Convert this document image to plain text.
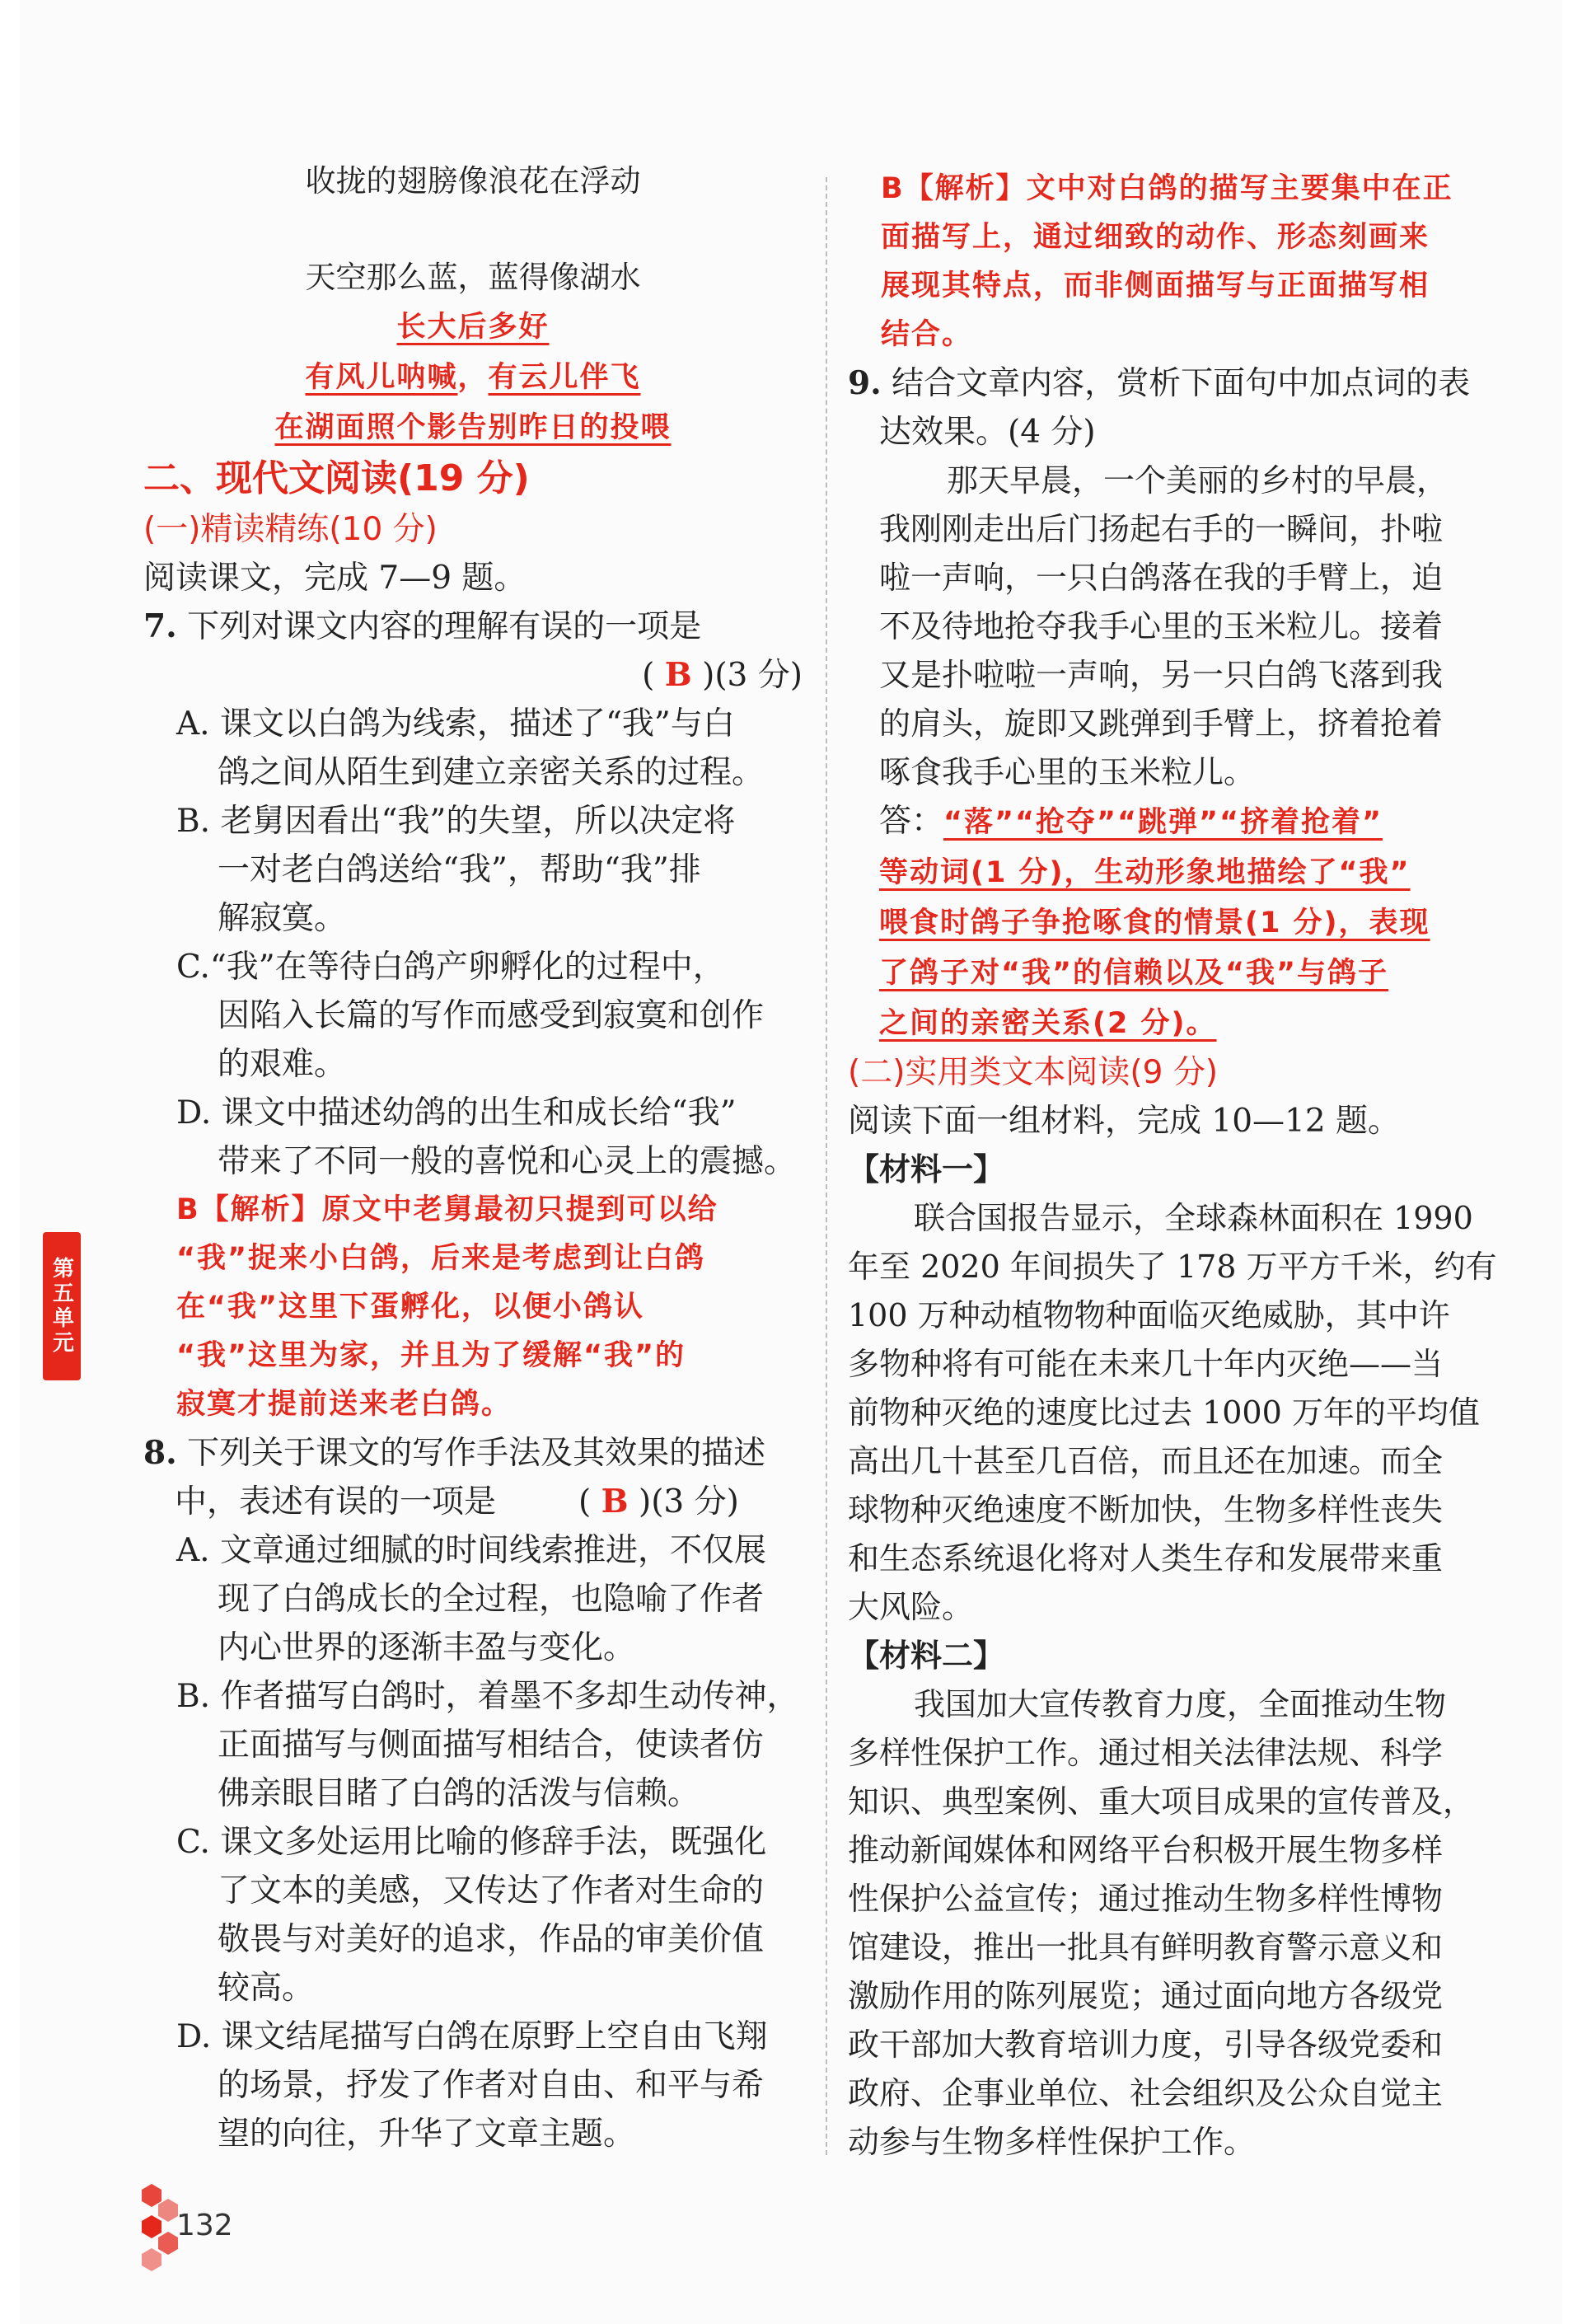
第五单元
收拢的翅膀像浪花在浮动
天空那么蓝，蓝得像湖水
长大后多好
有风儿呐喊，有云儿伴飞
在湖面照个影告别昨日的投喂
二、现代文阅读(19 分)
(一)精读精练(10 分)
阅读课文，完成 7—9 题。
7. 下列对课文内容的理解有误的一项是
( B )(3 分)
A. 课文以白鸽为线索，描述了“我”与白
鸽之间从陌生到建立亲密关系的过程。
B. 老舅因看出“我”的失望，所以决定将
一对老白鸽送给“我”，帮助“我”排
解寂寞。
C.“我”在等待白鸽产卵孵化的过程中，
因陷入长篇的写作而感受到寂寞和创作
的艰难。
D. 课文中描述幼鸽的出生和成长给“我”
带来了不同一般的喜悦和心灵上的震撼。
B【解析】原文中老舅最初只提到可以给
“我”捉来小白鸽，后来是考虑到让白鸽
在“我”这里下蛋孵化，以便小鸽认
“我”这里为家，并且为了缓解“我”的
寂寞才提前送来老白鸽。
8. 下列关于课文的写作手法及其效果的描述
中，表述有误的一项是	( B )(3 分)
A. 文章通过细腻的时间线索推进，不仅展
现了白鸽成长的全过程，也隐喻了作者
内心世界的逐渐丰盈与变化。
B. 作者描写白鸽时，着墨不多却生动传神，
正面描写与侧面描写相结合，使读者仿
佛亲眼目睹了白鸽的活泼与信赖。
C. 课文多处运用比喻的修辞手法，既强化
了文本的美感，又传达了作者对生命的
敬畏与对美好的追求，作品的审美价值
较高。
D. 课文结尾描写白鸽在原野上空自由飞翔
的场景，抒发了作者对自由、和平与希
望的向往，升华了文章主题。
B【解析】文中对白鸽的描写主要集中在正
面描写上，通过细致的动作、形态刻画来
展现其特点，而非侧面描写与正面描写相
结合。
9. 结合文章内容，赏析下面句中加点词的表
达效果。(4 分)
那天早晨，一个美丽的乡村的早晨，
我刚刚走出后门扬起右手的一瞬间，扑啦
啦一声响，一只白鸽落在我的手臂上，迫
不及待地抢夺我手心里的玉米粒儿。接着
又是扑啦啦一声响，另一只白鸽飞落到我
的肩头，旋即又跳弹到手臂上，挤着抢着
啄食我手心里的玉米粒儿。
答：“落”“抢夺”“跳弹”“挤着抢着”
等动词(1 分)，生动形象地描绘了“我”
喂食时鸽子争抢啄食的情景(1 分)，表现
了鸽子对“我”的信赖以及“我”与鸽子
之间的亲密关系(2 分)。
(二)实用类文本阅读(9 分)
阅读下面一组材料，完成 10—12 题。
【材料一】
联合国报告显示，全球森林面积在 1990
年至 2020 年间损失了 178 万平方千米，约有
100 万种动植物物种面临灭绝威胁，其中许
多物种将有可能在未来几十年内灭绝——当
前物种灭绝的速度比过去 1000 万年的平均值
高出几十甚至几百倍，而且还在加速。而全
球物种灭绝速度不断加快，生物多样性丧失
和生态系统退化将对人类生存和发展带来重
大风险。
【材料二】
我国加大宣传教育力度，全面推动生物
多样性保护工作。通过相关法律法规、科学
知识、典型案例、重大项目成果的宣传普及，
推动新闻媒体和网络平台积极开展生物多样
性保护公益宣传；通过推动生物多样性博物
馆建设，推出一批具有鲜明教育警示意义和
激励作用的陈列展览；通过面向地方各级党
政干部加大教育培训力度，引导各级党委和
政府、企事业单位、社会组织及公众自觉主
动参与生物多样性保护工作。
132
